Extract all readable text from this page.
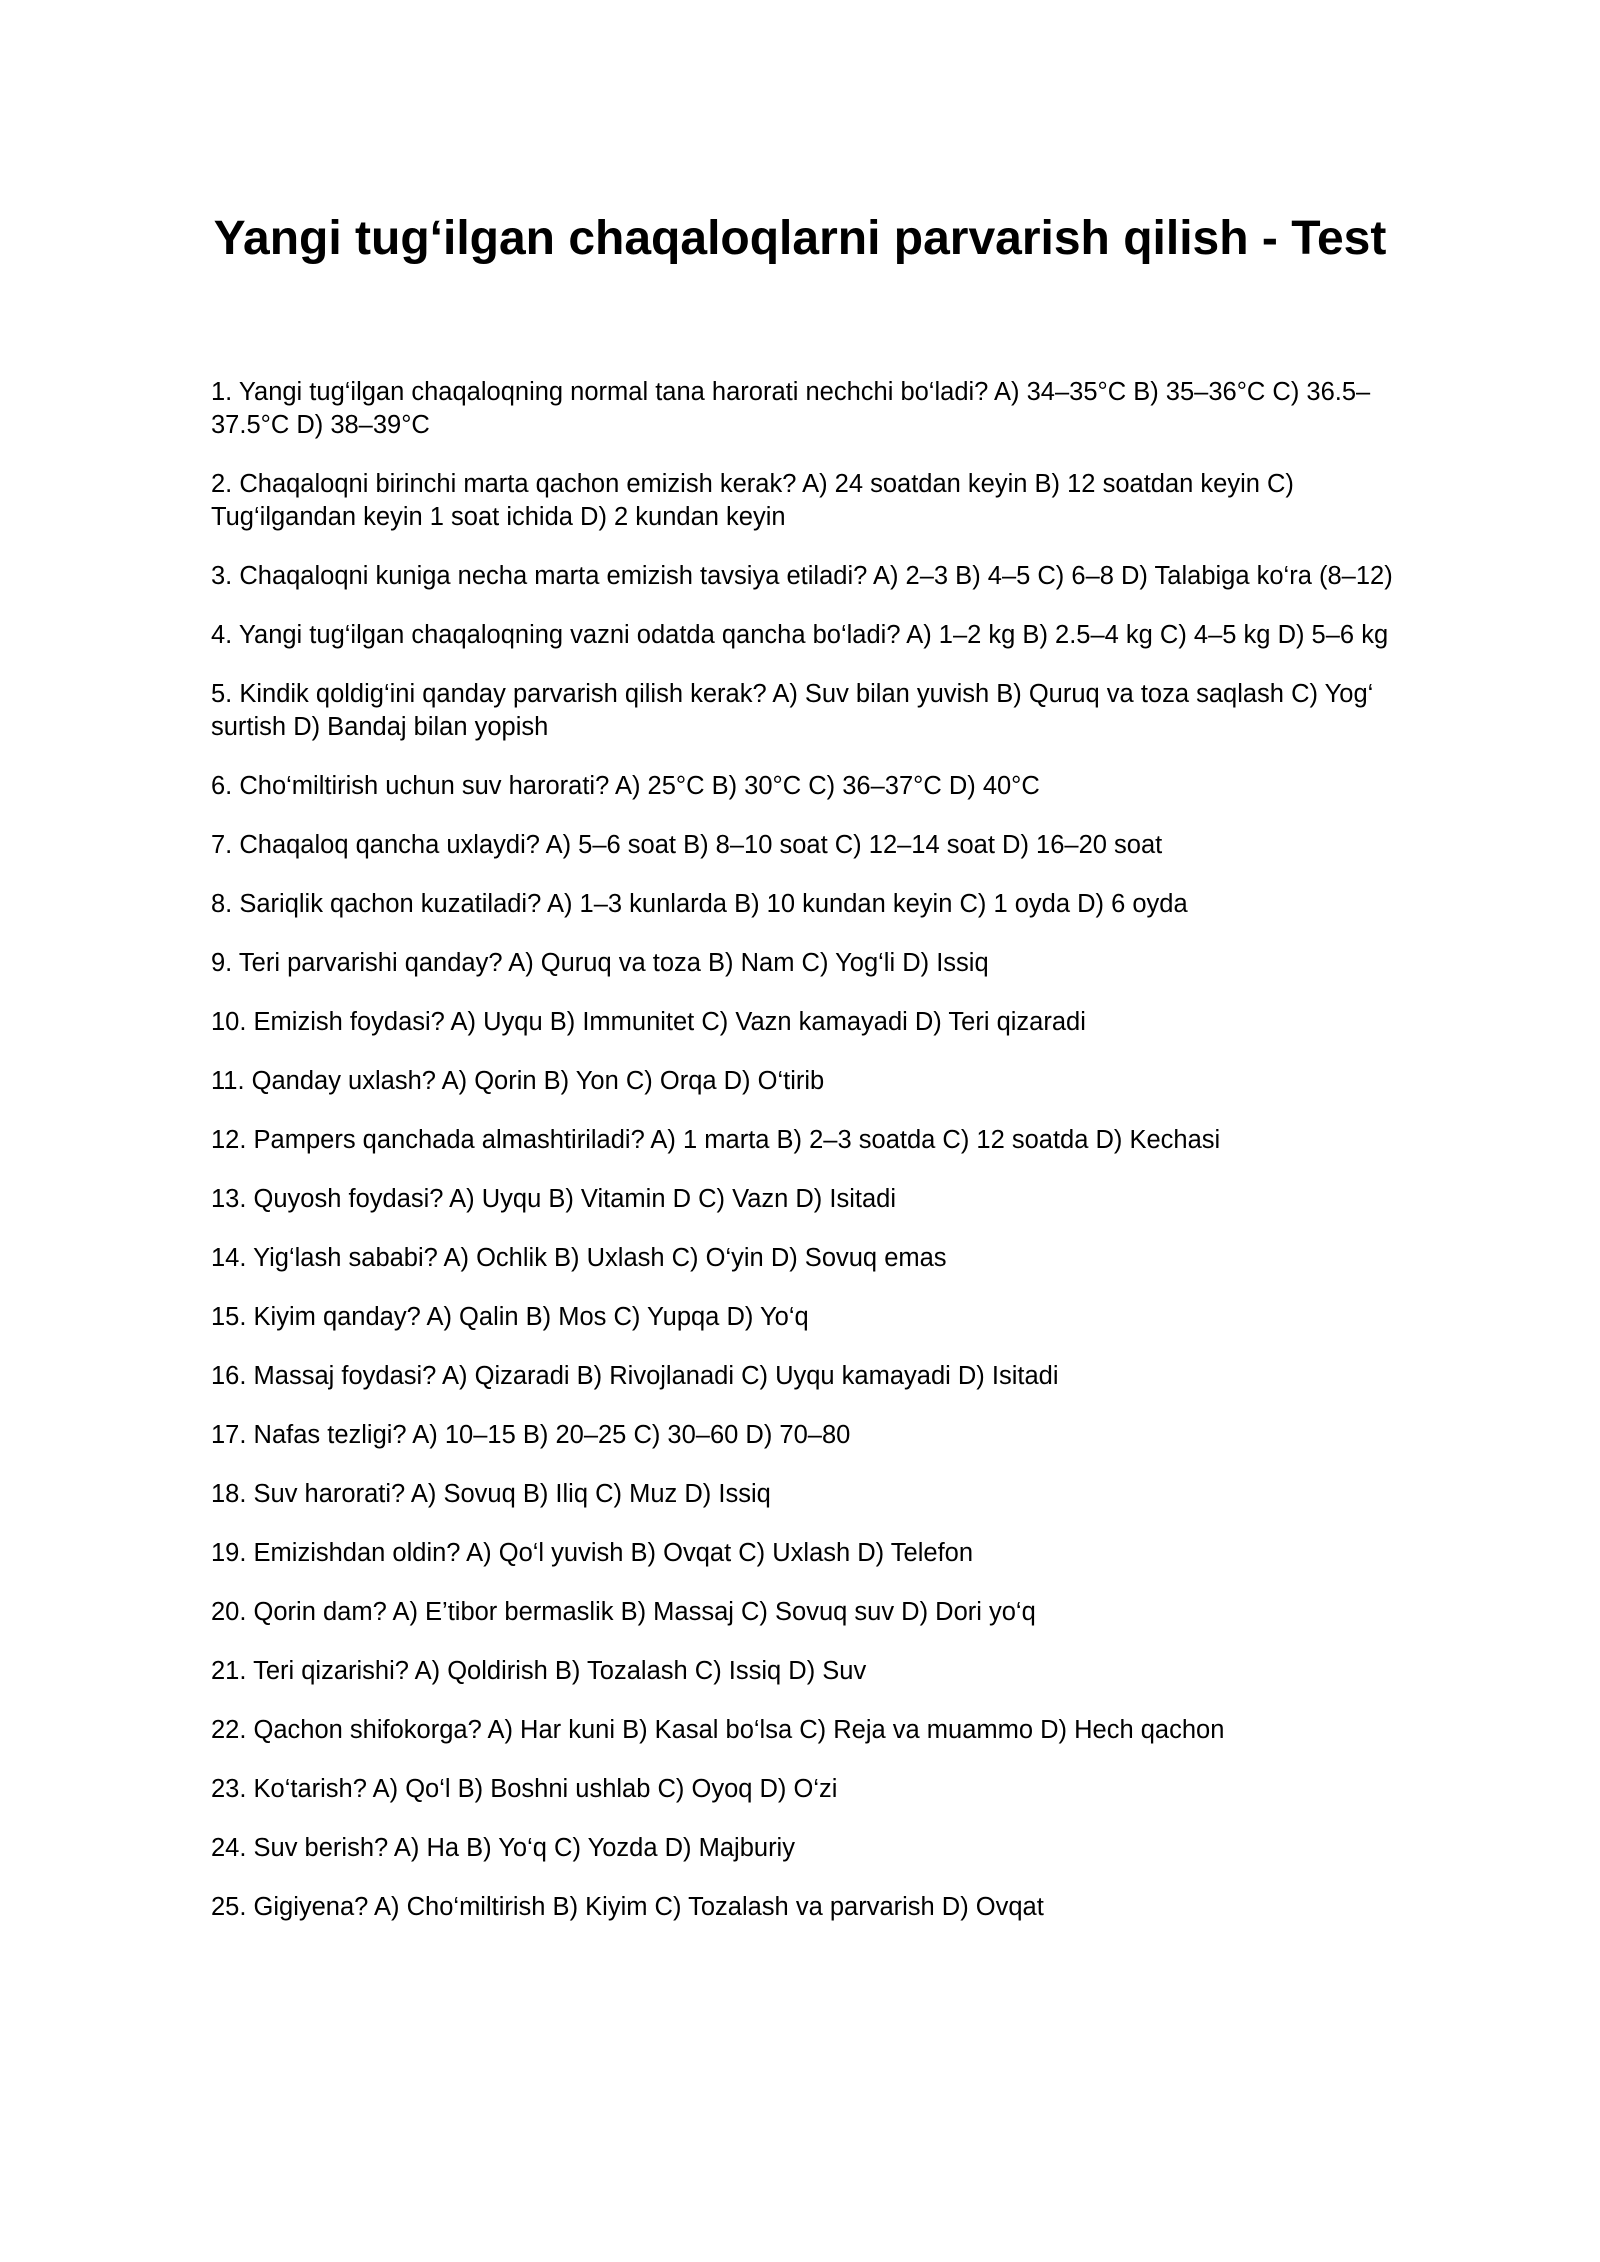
Yangi tug‘ilgan chaqaloqlarni parvarish qilish - Test
1. Yangi tug‘ilgan chaqaloqning normal tana harorati nechchi bo‘ladi? A) 34–35°C B) 35–36°C C) 36.5–37.5°C D) 38–39°C
2. Chaqaloqni birinchi marta qachon emizish kerak? A) 24 soatdan keyin B) 12 soatdan keyin C) Tug‘ilgandan keyin 1 soat ichida D) 2 kundan keyin
3. Chaqaloqni kuniga necha marta emizish tavsiya etiladi? A) 2–3 B) 4–5 C) 6–8 D) Talabiga ko‘ra (8–12)
4. Yangi tug‘ilgan chaqaloqning vazni odatda qancha bo‘ladi? A) 1–2 kg B) 2.5–4 kg C) 4–5 kg D) 5–6 kg
5. Kindik qoldig‘ini qanday parvarish qilish kerak? A) Suv bilan yuvish B) Quruq va toza saqlash C) Yog‘ surtish D) Bandaj bilan yopish
6. Cho‘miltirish uchun suv harorati? A) 25°C B) 30°C C) 36–37°C D) 40°C
7. Chaqaloq qancha uxlaydi? A) 5–6 soat B) 8–10 soat C) 12–14 soat D) 16–20 soat
8. Sariqlik qachon kuzatiladi? A) 1–3 kunlarda B) 10 kundan keyin C) 1 oyda D) 6 oyda
9. Teri parvarishi qanday? A) Quruq va toza B) Nam C) Yog‘li D) Issiq
10. Emizish foydasi? A) Uyqu B) Immunitet C) Vazn kamayadi D) Teri qizaradi
11. Qanday uxlash? A) Qorin B) Yon C) Orqa D) O‘tirib
12. Pampers qanchada almashtiriladi? A) 1 marta B) 2–3 soatda C) 12 soatda D) Kechasi
13. Quyosh foydasi? A) Uyqu B) Vitamin D C) Vazn D) Isitadi
14. Yig‘lash sababi? A) Ochlik B) Uxlash C) O‘yin D) Sovuq emas
15. Kiyim qanday? A) Qalin B) Mos C) Yupqa D) Yo‘q
16. Massaj foydasi? A) Qizaradi B) Rivojlanadi C) Uyqu kamayadi D) Isitadi
17. Nafas tezligi? A) 10–15 B) 20–25 C) 30–60 D) 70–80
18. Suv harorati? A) Sovuq B) Iliq C) Muz D) Issiq
19. Emizishdan oldin? A) Qo‘l yuvish B) Ovqat C) Uxlash D) Telefon
20. Qorin dam? A) E’tibor bermaslik B) Massaj C) Sovuq suv D) Dori yo‘q
21. Teri qizarishi? A) Qoldirish B) Tozalash C) Issiq D) Suv
22. Qachon shifokorga? A) Har kuni B) Kasal bo‘lsa C) Reja va muammo D) Hech qachon
23. Ko‘tarish? A) Qo‘l B) Boshni ushlab C) Oyoq D) O‘zi
24. Suv berish? A) Ha B) Yo‘q C) Yozda D) Majburiy
25. Gigiyena? A) Cho‘miltirish B) Kiyim C) Tozalash va parvarish D) Ovqat
